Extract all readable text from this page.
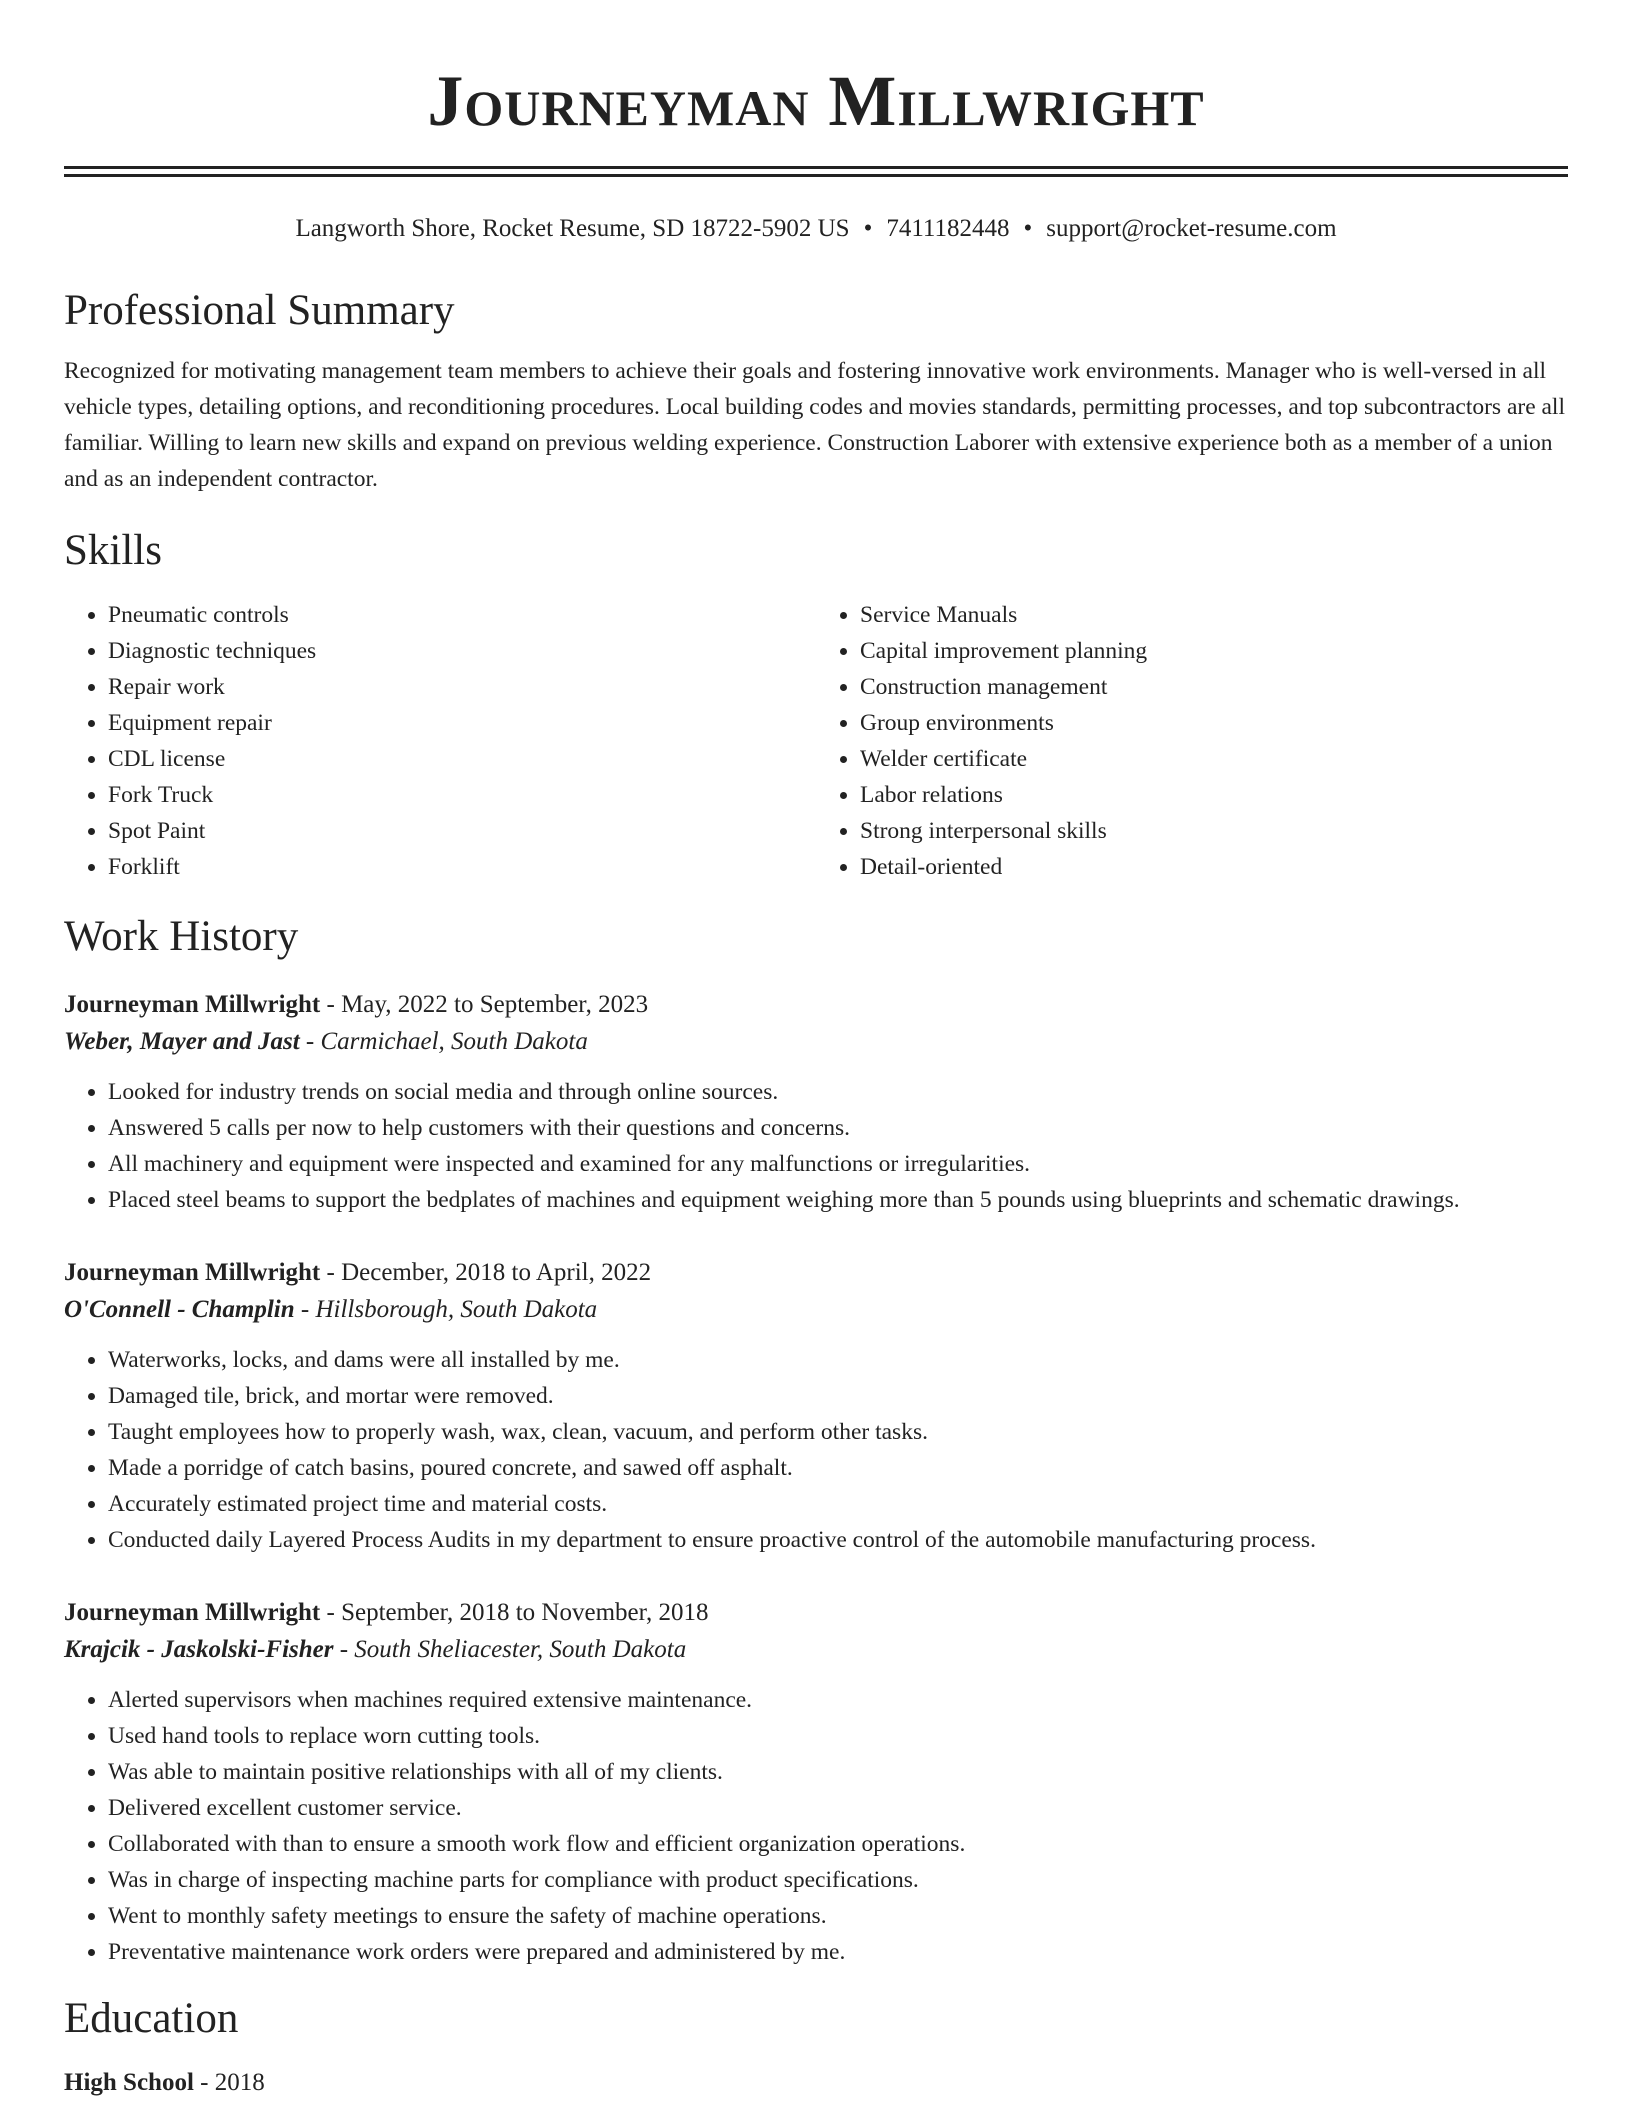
Journeyman Millwright
Langworth Shore, Rocket Resume, SD 18722-5902 US • 7411182448 • support@rocket-resume.com
Professional Summary

Recognized for motivating management team members to achieve their goals and fostering innovative work environments. Manager who is well-versed in all vehicle types, detailing options, and reconditioning procedures. Local building codes and movies standards, permitting processes, and top subcontractors are all familiar. Willing to learn new skills and expand on previous welding experience. Construction Laborer with extensive experience both as a member of a union and as an independent contractor.

Skills
• Pneumatic controls
• Diagnostic techniques
• Repair work
• Equipment repair
• CDL license
• Fork Truck
• Spot Paint
• Forklift
• Service Manuals
• Capital improvement planning
• Construction management
• Group environments
• Welder certificate
• Labor relations
• Strong interpersonal skills
• Detail-oriented
Work History
Journeyman Millwright - May, 2022 to September, 2023
Weber, Mayer and Jast - Carmichael, South Dakota
• Looked for industry trends on social media and through online sources.
• Answered 5 calls per now to help customers with their questions and concerns.
• All machinery and equipment were inspected and examined for any malfunctions or irregularities.
• Placed steel beams to support the bedplates of machines and equipment weighing more than 5 pounds using blueprints and schematic drawings.
Journeyman Millwright - December, 2018 to April, 2022
O'Connell - Champlin - Hillsborough, South Dakota
• Waterworks, locks, and dams were all installed by me.
• Damaged tile, brick, and mortar were removed.
• Taught employees how to properly wash, wax, clean, vacuum, and perform other tasks.
• Made a porridge of catch basins, poured concrete, and sawed off asphalt.
• Accurately estimated project time and material costs.
• Conducted daily Layered Process Audits in my department to ensure proactive control of the automobile manufacturing process.
Journeyman Millwright - September, 2018 to November, 2018
Krajcik - Jaskolski-Fisher - South Sheliacester, South Dakota
• Alerted supervisors when machines required extensive maintenance.
• Used hand tools to replace worn cutting tools.
• Was able to maintain positive relationships with all of my clients.
• Delivered excellent customer service.
• Collaborated with than to ensure a smooth work flow and efficient organization operations.
• Was in charge of inspecting machine parts for compliance with product specifications.
• Went to monthly safety meetings to ensure the safety of machine operations.
• Preventative maintenance work orders were prepared and administered by me.
Education
High School - 2018
